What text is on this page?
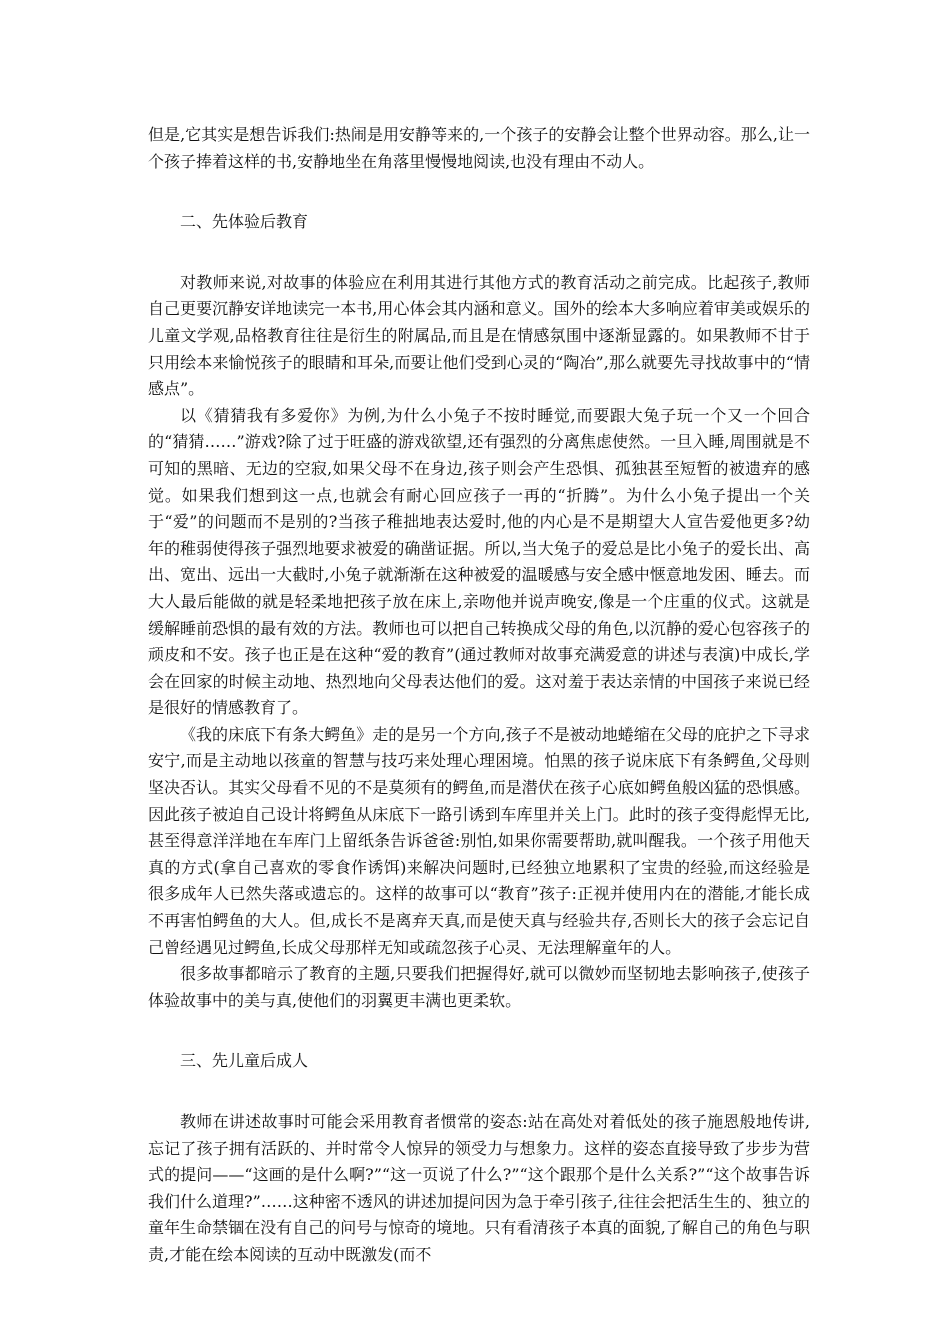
但是,它其实是想告诉我们:热闹是用安静等来的,一个孩子的安静会让整个世界动容。那么,让一个孩子捧着这样的书,安静地坐在角落里慢慢地阅读,也没有理由不动人。

二、先体验后教育

对教师来说,对故事的体验应在利用其进行其他方式的教育活动之前完成。比起孩子,教师自己更要沉静安详地读完一本书,用心体会其内涵和意义。国外的绘本大多响应着审美或娱乐的儿童文学观,品格教育往往是衍生的附属品,而且是在情感氛围中逐渐显露的。如果教师不甘于只用绘本来愉悦孩子的眼睛和耳朵,而要让他们受到心灵的“陶冶”,那么就要先寻找故事中的“情感点”。

以《猜猜我有多爱你》为例,为什么小兔子不按时睡觉,而要跟大兔子玩一个又一个回合的“猜猜……”游戏?除了过于旺盛的游戏欲望,还有强烈的分离焦虑使然。一旦入睡,周围就是不可知的黑暗、无边的空寂,如果父母不在身边,孩子则会产生恐惧、孤独甚至短暂的被遗弃的感觉。如果我们想到这一点,也就会有耐心回应孩子一再的“折腾”。为什么小兔子提出一个关于“爱”的问题而不是别的?当孩子稚拙地表达爱时,他的内心是不是期望大人宣告爱他更多?幼年的稚弱使得孩子强烈地要求被爱的确凿证据。所以,当大兔子的爱总是比小兔子的爱长出、高出、宽出、远出一大截时,小兔子就渐渐在这种被爱的温暖感与安全感中惬意地发困、睡去。而大人最后能做的就是轻柔地把孩子放在床上,亲吻他并说声晚安,像是一个庄重的仪式。这就是缓解睡前恐惧的最有效的方法。教师也可以把自己转换成父母的角色,以沉静的爱心包容孩子的顽皮和不安。孩子也正是在这种“爱的教育”(通过教师对故事充满爱意的讲述与表演)中成长,学会在回家的时候主动地、热烈地向父母表达他们的爱。这对羞于表达亲情的中国孩子来说已经是很好的情感教育了。

《我的床底下有条大鳄鱼》走的是另一个方向,孩子不是被动地蜷缩在父母的庇护之下寻求安宁,而是主动地以孩童的智慧与技巧来处理心理困境。怕黑的孩子说床底下有条鳄鱼,父母则坚决否认。其实父母看不见的不是莫须有的鳄鱼,而是潜伏在孩子心底如鳄鱼般凶猛的恐惧感。因此孩子被迫自己设计将鳄鱼从床底下一路引诱到车库里并关上门。此时的孩子变得彪悍无比,甚至得意洋洋地在车库门上留纸条告诉爸爸:别怕,如果你需要帮助,就叫醒我。一个孩子用他天真的方式(拿自己喜欢的零食作诱饵)来解决问题时,已经独立地累积了宝贵的经验,而这经验是很多成年人已然失落或遗忘的。这样的故事可以“教育”孩子:正视并使用内在的潜能,才能长成不再害怕鳄鱼的大人。但,成长不是离弃天真,而是使天真与经验共存,否则长大的孩子会忘记自己曾经遇见过鳄鱼,长成父母那样无知或疏忽孩子心灵、无法理解童年的人。

很多故事都暗示了教育的主题,只要我们把握得好,就可以微妙而坚韧地去影响孩子,使孩子体验故事中的美与真,使他们的羽翼更丰满也更柔软。

三、先儿童后成人

教师在讲述故事时可能会采用教育者惯常的姿态:站在高处对着低处的孩子施恩般地传讲,忘记了孩子拥有活跃的、并时常令人惊异的领受力与想象力。这样的姿态直接导致了步步为营式的提问——“这画的是什么啊?”“这一页说了什么?”“这个跟那个是什么关系?”“这个故事告诉我们什么道理?”……这种密不透风的讲述加提问因为急于牵引孩子,往往会把活生生的、独立的童年生命禁锢在没有自己的问号与惊奇的境地。只有看清孩子本真的面貌,了解自己的角色与职责,才能在绘本阅读的互动中既激发(而不
